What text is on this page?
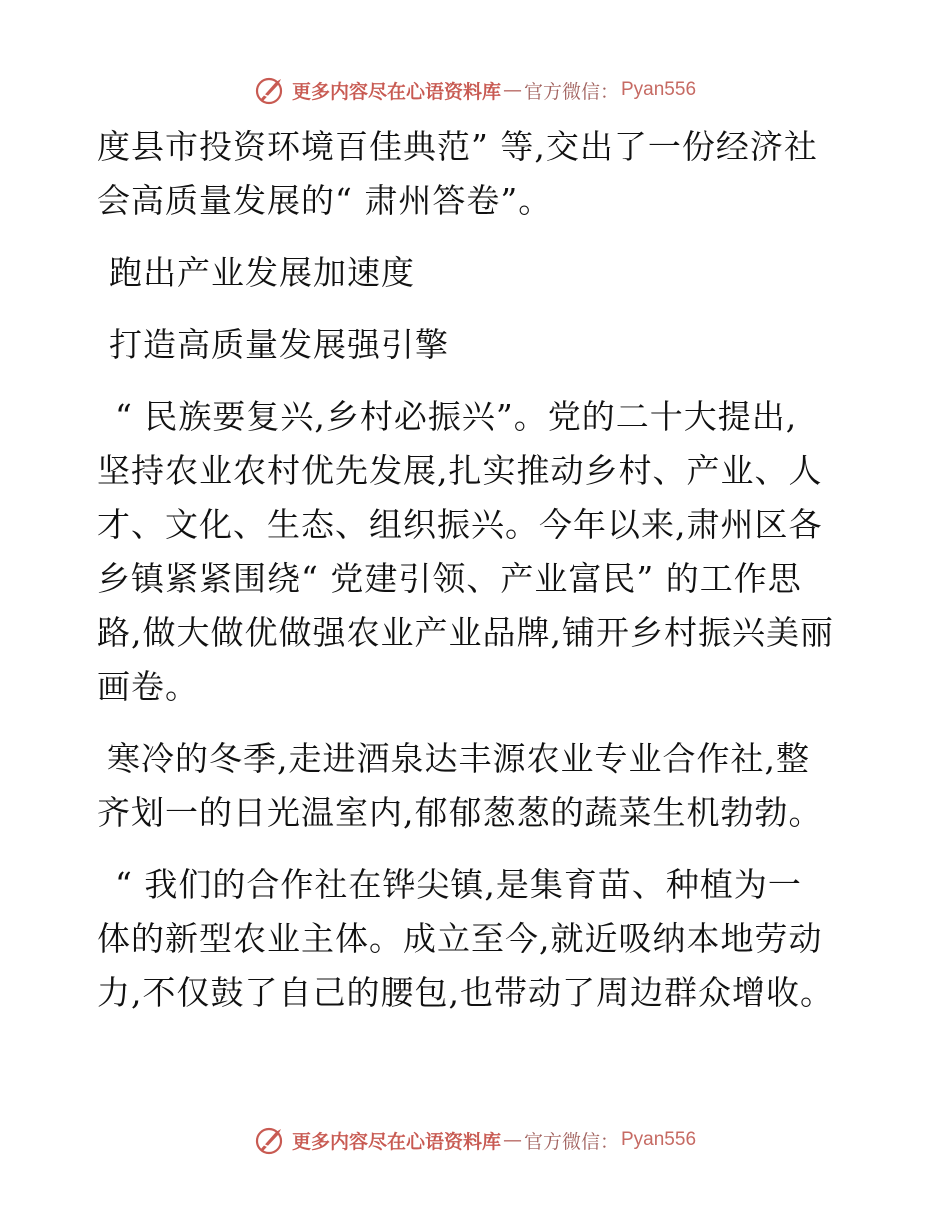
更多内容尽在心语资料库 — 官方微信： Pyan556
度县市投资环境百佳典范” 等,交出了一份经济社
会高质量发展的“ 肃州答卷”。
跑出产业发展加速度
打造高质量发展强引擎
“ 民族要复兴,乡村必振兴”。党的二十大提出,
坚持农业农村优先发展,扎实推动乡村、产业、人
才、文化、生态、组织振兴。今年以来,肃州区各
乡镇紧紧围绕“ 党建引领、产业富民” 的工作思
路,做大做优做强农业产业品牌,铺开乡村振兴美丽
画卷。
寒冷的冬季,走进酒泉达丰源农业专业合作社,整
齐划一的日光温室内,郁郁葱葱的蔬菜生机勃勃。
“ 我们的合作社在铧尖镇,是集育苗、种植为一
体的新型农业主体。成立至今,就近吸纳本地劳动
力,不仅鼓了自己的腰包,也带动了周边群众增收。
更多内容尽在心语资料库 — 官方微信： Pyan556
